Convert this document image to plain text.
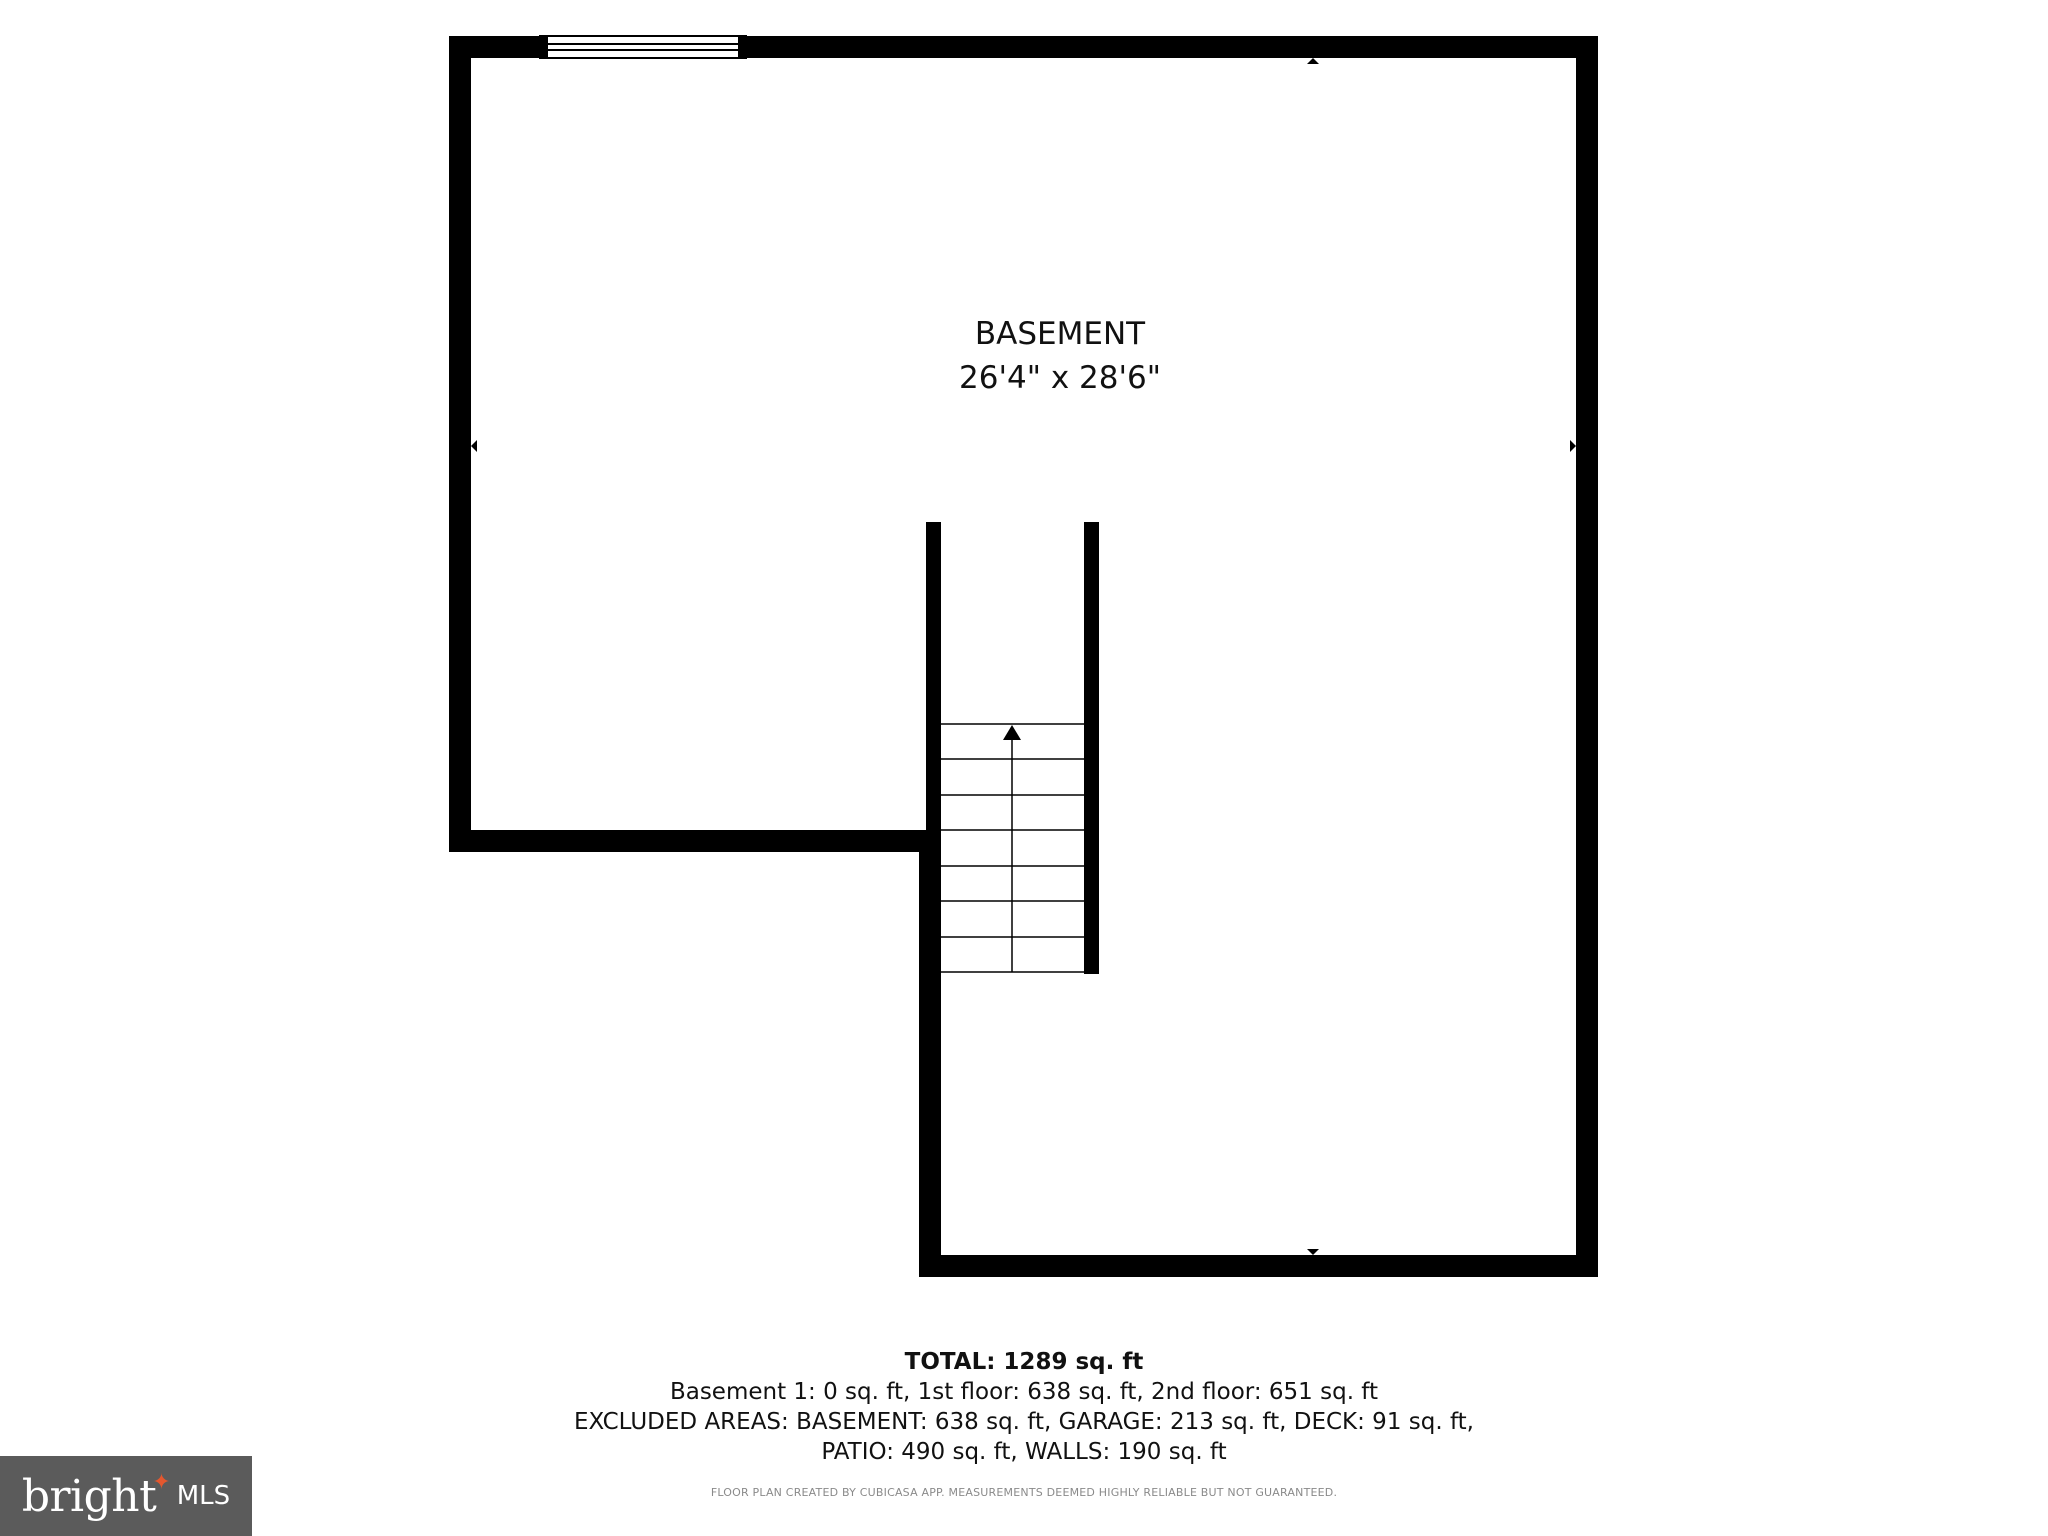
BASEMENT
26'4" x 28'6"
TOTAL: 1289 sq. ft
Basement 1: 0 sq. ft, 1st floor: 638 sq. ft, 2nd floor: 651 sq. ft
EXCLUDED AREAS: BASEMENT: 638 sq. ft, GARAGE: 213 sq. ft, DECK: 91 sq. ft,
PATIO: 490 sq. ft, WALLS: 190 sq. ft
FLOOR PLAN CREATED BY CUBICASA APP. MEASUREMENTS DEEMED HIGHLY RELIABLE BUT NOT GUARANTEED.
bright
✦ MLS
